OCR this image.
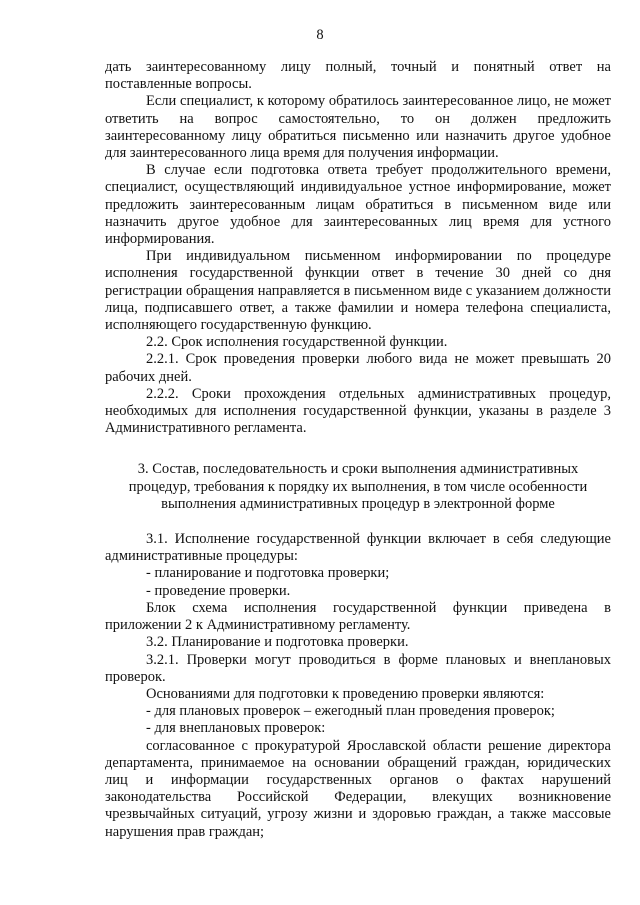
8

дать заинтересованному лицу полный, точный и понятный ответ на поставленные вопросы.

Если специалист, к которому обратилось заинтересованное лицо, не может ответить на вопрос самостоятельно, то он должен предложить заинтересованному лицу обратиться письменно или назначить другое удобное для заинтересованного лица время для получения информации.

В случае если подготовка ответа требует продолжительного времени, специалист, осуществляющий индивидуальное устное информирование, может предложить заинтересованным лицам обратиться в письменном виде или назначить другое удобное для заинтересованных лиц время для устного информирования.

При индивидуальном письменном информировании по процедуре исполнения государственной функции ответ в течение 30 дней со дня регистрации обращения направляется в письменном виде с указанием должности лица, подписавшего ответ, а также фамилии и номера телефона специалиста, исполняющего государственную функцию.

2.2. Срок исполнения государственной функции.

2.2.1. Срок проведения проверки любого вида не может превышать 20 рабочих дней.

2.2.2. Сроки прохождения отдельных административных процедур, необходимых для исполнения государственной функции, указаны в разделе 3 Административного регламента.

3. Состав, последовательность и сроки выполнения административных процедур, требования к порядку их выполнения, в том числе особенности выполнения административных процедур в электронной форме

3.1. Исполнение государственной функции включает в себя следующие административные процедуры:

- планирование и подготовка проверки;

- проведение проверки.

Блок схема исполнения государственной функции приведена в приложении 2 к Административному регламенту.

3.2. Планирование и подготовка проверки.

3.2.1. Проверки могут проводиться в форме плановых и внеплановых проверок.

Основаниями для подготовки к проведению проверки являются:

- для плановых проверок – ежегодный план проведения проверок;

- для внеплановых проверок:

согласованное с прокуратурой Ярославской области решение директора департамента, принимаемое на основании обращений граждан, юридических лиц и информации государственных органов о фактах нарушений законодательства Российской Федерации, влекущих возникновение чрезвычайных ситуаций, угрозу жизни и здоровью граждан, а также массовые нарушения прав граждан;
